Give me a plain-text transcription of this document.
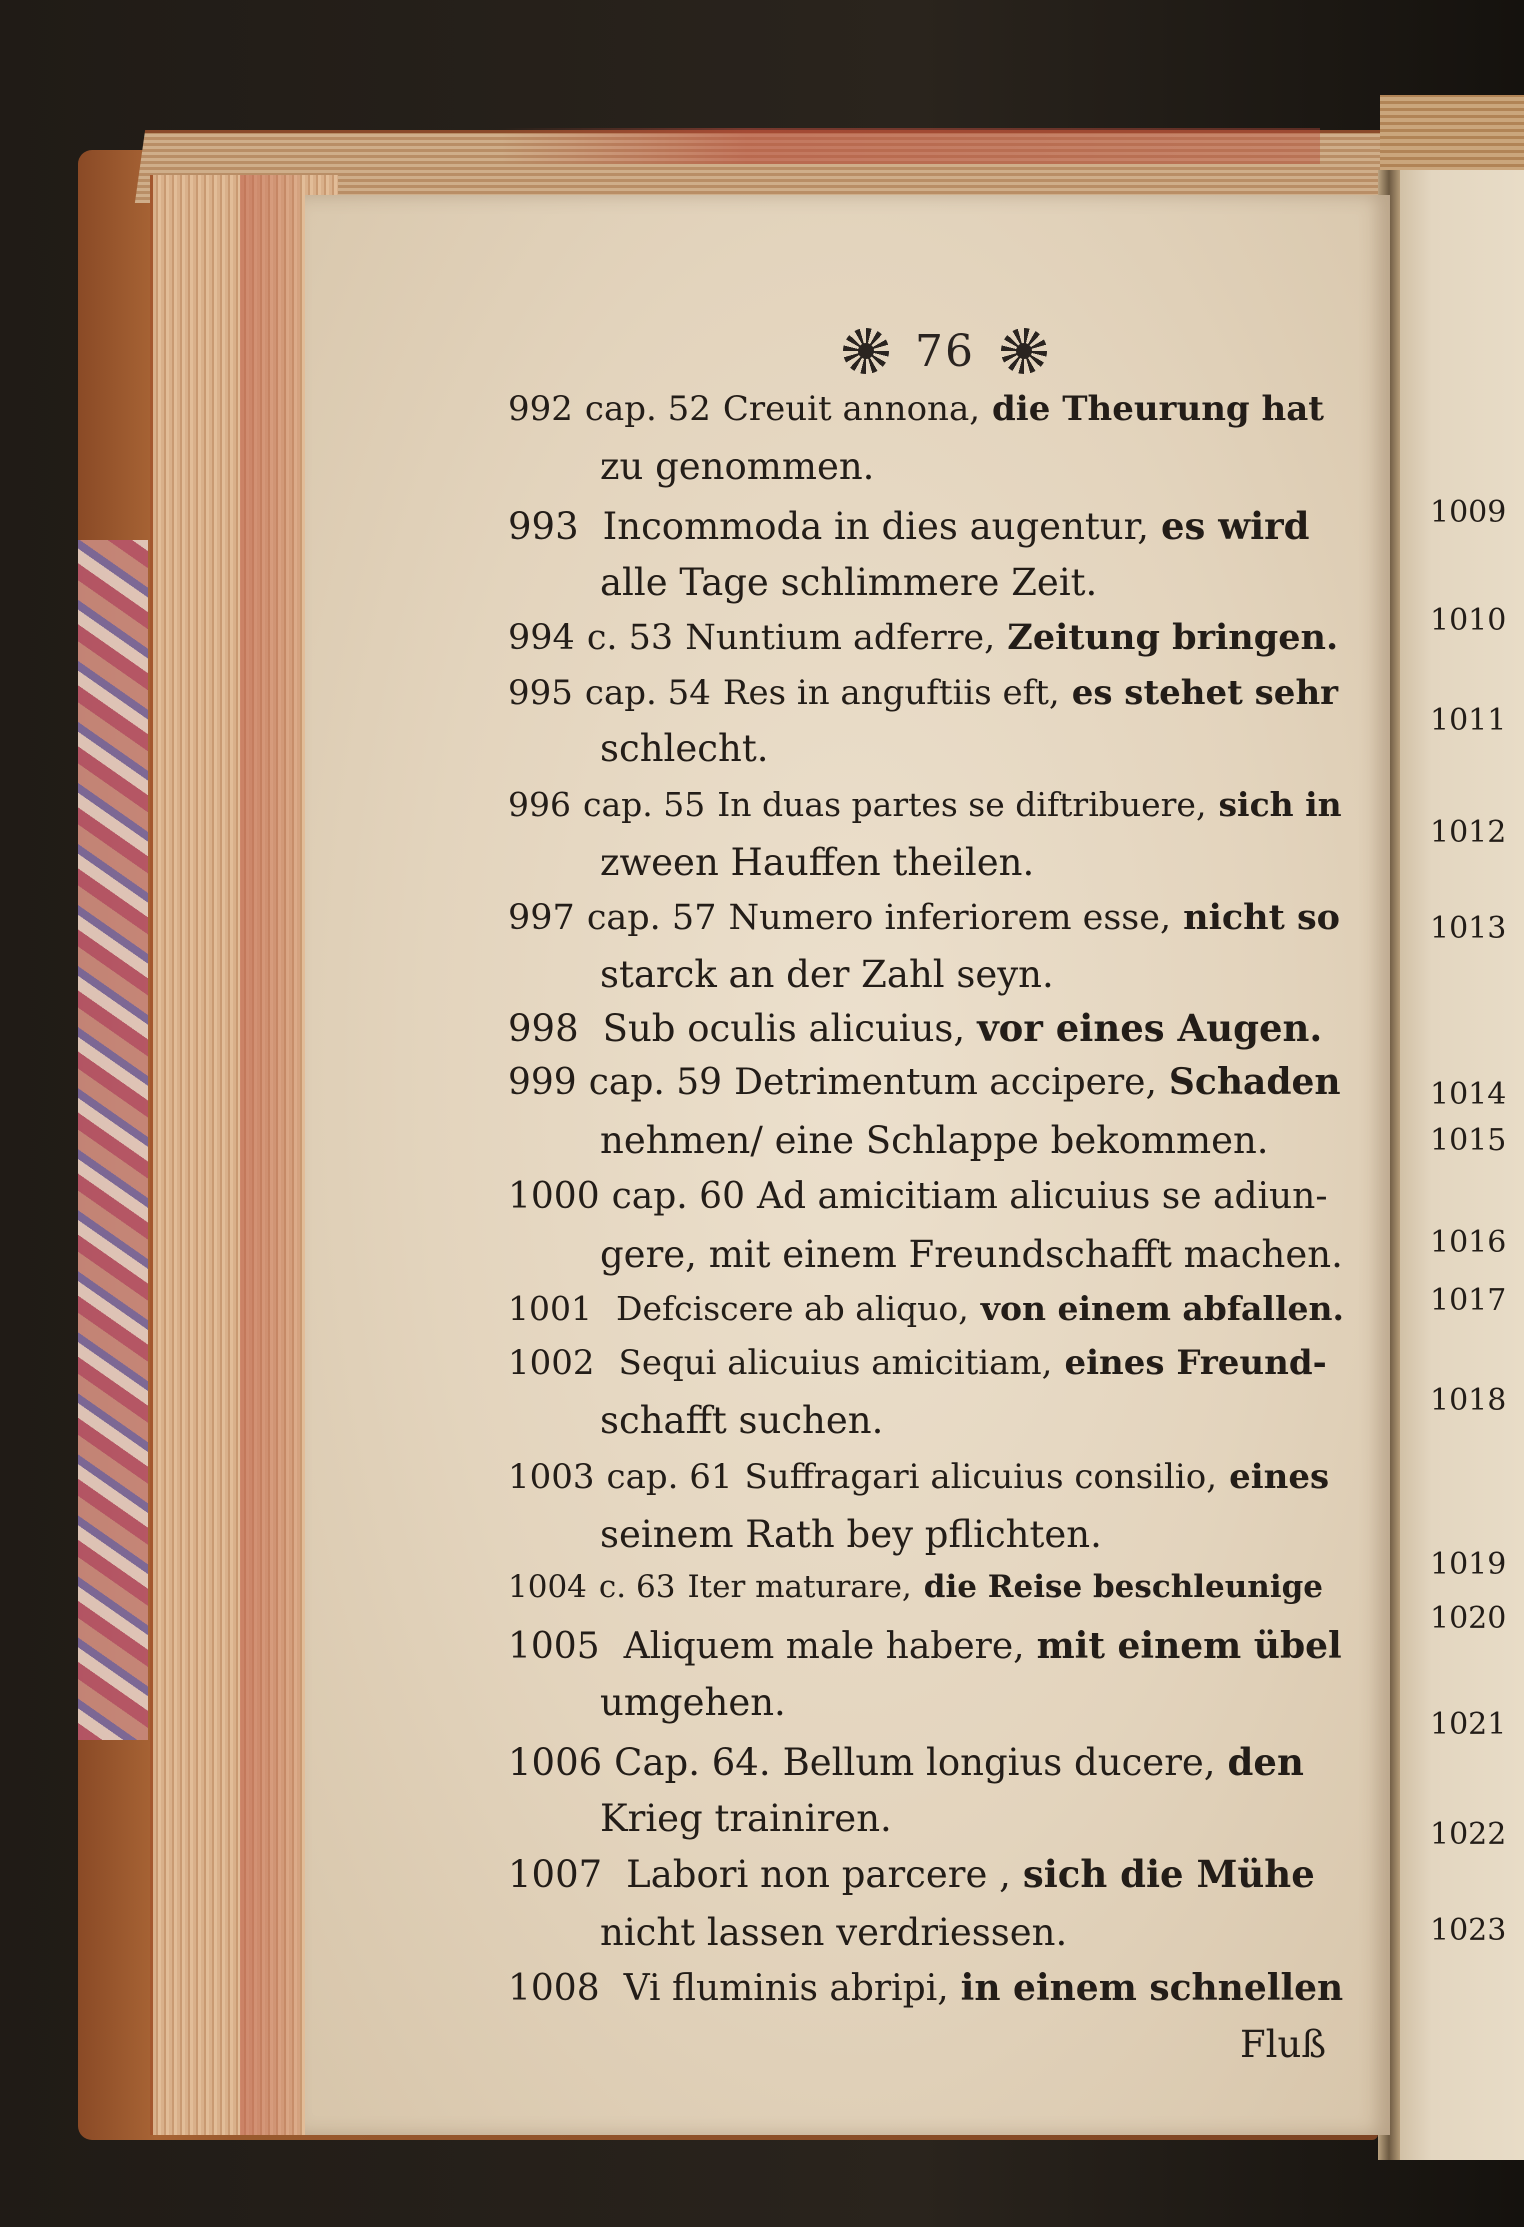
76
992 cap. 52 Creuit annona, die Theurung hat
zu genommen.
993 Incommoda in dies augentur, es wird
alle Tage schlimmere Zeit.
994 c. 53 Nuntium adferre, Zeitung bringen.
995 cap. 54 Res in anguftiis eft, es stehet sehr
schlecht.
996 cap. 55 In duas partes se diftribuere, sich in
zween Hauffen theilen.
997 cap. 57 Numero inferiorem esse, nicht so
starck an der Zahl seyn.
998 Sub oculis alicuius, vor eines Augen.
999 cap. 59 Detrimentum accipere, Schaden
nehmen/ eine Schlappe bekommen.
1000 cap. 60 Ad amicitiam alicuius se adiun-
gere, mit einem Freundschafft machen.
1001 Defciscere ab aliquo, von einem abfallen.
1002 Sequi alicuius amicitiam, eines Freund-
schafft suchen.
1003 cap. 61 Suffragari alicuius consilio, eines
seinem Rath bey pflichten.
1004 c. 63 Iter maturare, die Reise beschleunige
1005 Aliquem male habere, mit einem übel
umgehen.
1006 Cap. 64. Bellum longius ducere, den
Krieg trainiren.
1007 Labori non parcere , sich die Mühe
nicht lassen verdriessen.
1008 Vi fluminis abripi, in einem schnellen
Fluß
1009
1010
1011
1012
1013
1014
1015
1016
1017
1018
1019
1020
1021
1022
1023
